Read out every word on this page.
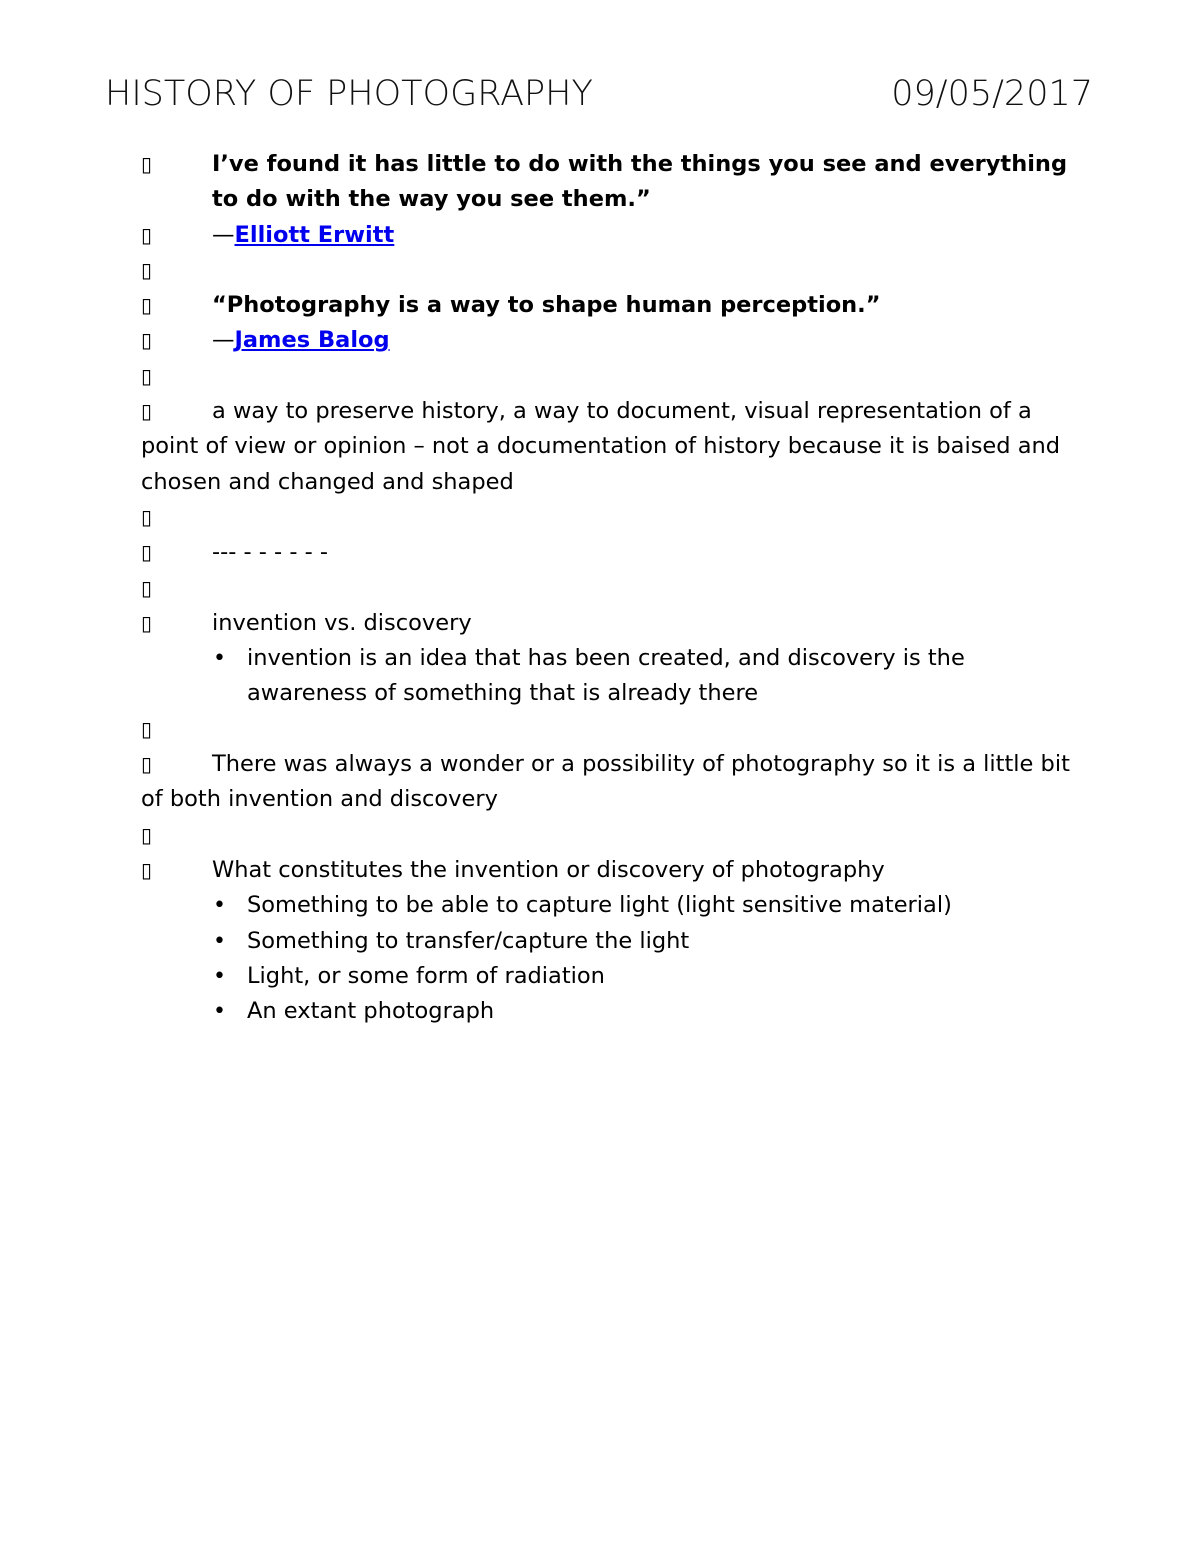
HISTORY OF PHOTOGRAPHY	09/05/2017
▯	I’ve found it has little to do with the things you see and everything to do with the way you see them.”
▯	—Elliott Erwitt
▯
▯	“Photography is a way to shape human perception.”
▯	—James Balog
▯
▯	a way to preserve history, a way to document, visual representation of a point of view or opinion – not a documentation of history because it is baised and chosen and changed and shaped
▯
▯	--- - - - - - -
▯
▯	invention vs. discovery
• invention is an idea that has been created, and discovery is the awareness of something that is already there
▯
▯	There was always a wonder or a possibility of photography so it is a little bit of both invention and discovery
▯
▯	What constitutes the invention or discovery of photography
• Something to be able to capture light (light sensitive material)
• Something to transfer/capture the light
• Light, or some form of radiation
• An extant photograph
